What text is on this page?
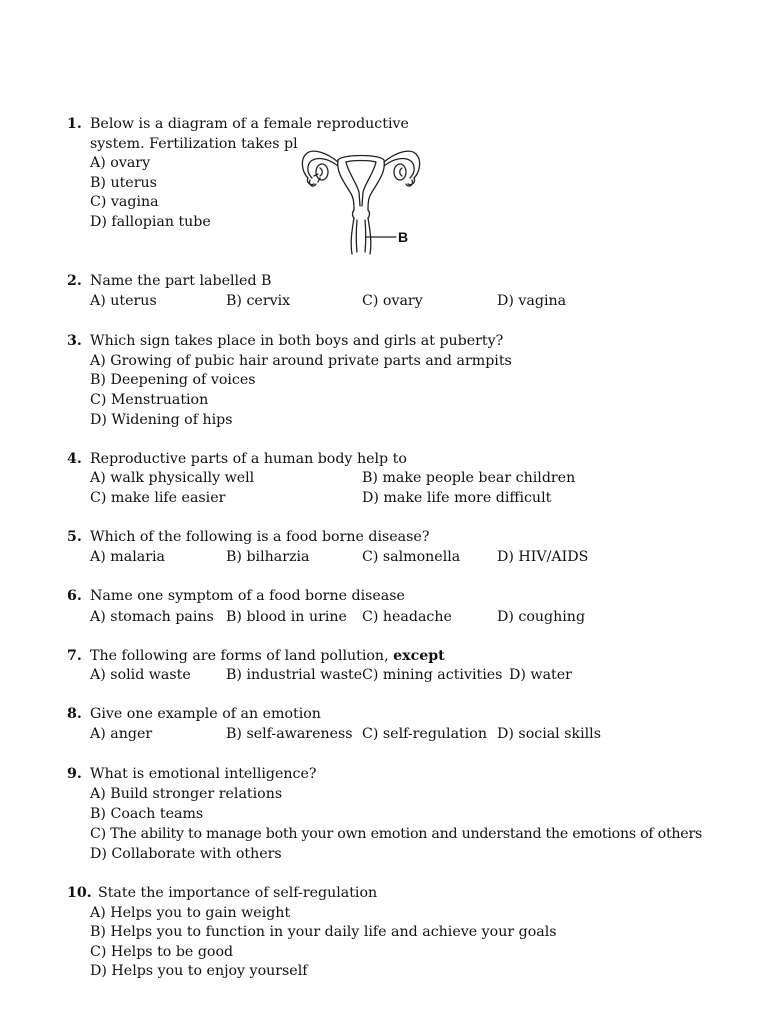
1. Below is a diagram of a female reproductive
system. Fertilization takes pl
A) ovary
B) uterus
C) vagina
D) fallopian tube
B
2. Name the part labelled B
A) uterus	B) cervix	C) ovary	D) vagina
3. Which sign takes place in both boys and girls at puberty?
A) Growing of pubic hair around private parts and armpits
B) Deepening of voices
C) Menstruation
D) Widening of hips
4. Reproductive parts of a human body help to
A) walk physically well	B) make people bear children
C) make life easier	D) make life more difficult
5. Which of the following is a food borne disease?
A) malaria	B) bilharzia	C) salmonella	D) HIV/AIDS
6. Name one symptom of a food borne disease
A) stomach pains B) blood in urine C) headache	D) coughing
7. The following are forms of land pollution, except
A) solid waste B) industrial waste C) mining activities D) water
8. Give one example of an emotion
A) anger	B) self-awareness C) self-regulation D) social skills
9. What is emotional intelligence?
A) Build stronger relations
B) Coach teams
C) The ability to manage both your own emotion and understand the emotions of others
D) Collaborate with others
10. State the importance of self-regulation
A) Helps you to gain weight
B) Helps you to function in your daily life and achieve your goals
C) Helps to be good
D) Helps you to enjoy yourself
